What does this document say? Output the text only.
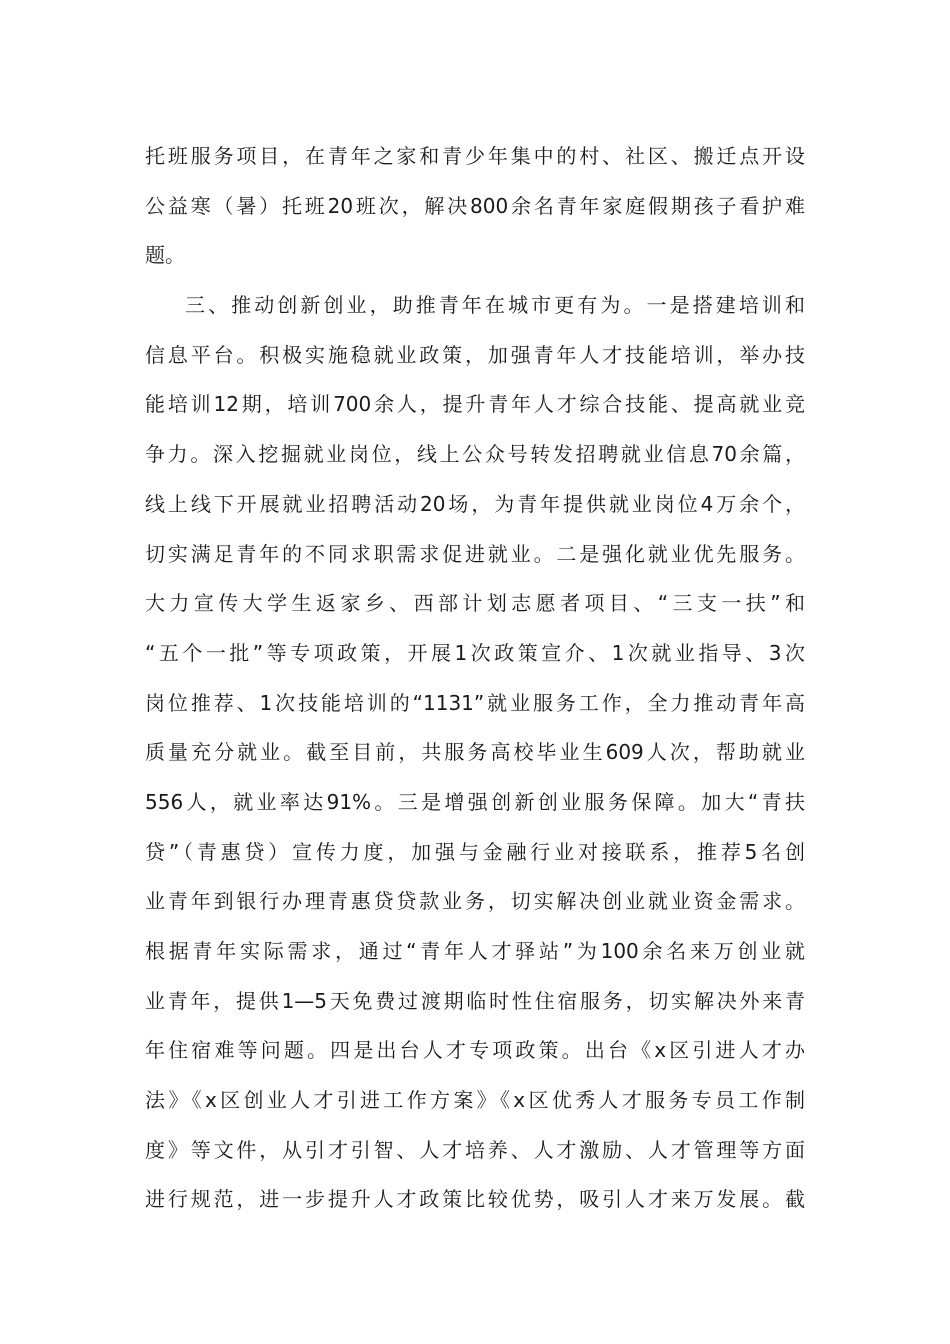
托班服务项目，在青年之家和青少年集中的村、社区、搬迁点开设
公益寒（暑）托班20班次，解决800余名青年家庭假期孩子看护难
题。
三、推动创新创业，助推青年在城市更有为。一是搭建培训和
信息平台。积极实施稳就业政策，加强青年人才技能培训，举办技
能培训12期，培训700余人，提升青年人才综合技能、提高就业竞
争力。深入挖掘就业岗位，线上公众号转发招聘就业信息70余篇，
线上线下开展就业招聘活动20场，为青年提供就业岗位4万余个，
切实满足青年的不同求职需求促进就业。二是强化就业优先服务。
大力宣传大学生返家乡、西部计划志愿者项目、“三支一扶”和
“五个一批”等专项政策，开展1次政策宣介、1次就业指导、3次
岗位推荐、1次技能培训的“1131”就业服务工作，全力推动青年高
质量充分就业。截至目前，共服务高校毕业生609人次，帮助就业
556人，就业率达91%。三是增强创新创业服务保障。加大“青扶
贷”（青惠贷）宣传力度，加强与金融行业对接联系，推荐5名创
业青年到银行办理青惠贷贷款业务，切实解决创业就业资金需求。
根据青年实际需求，通过“青年人才驿站”为100余名来万创业就
业青年，提供1—5天免费过渡期临时性住宿服务，切实解决外来青
年住宿难等问题。四是出台人才专项政策。出台《x区引进人才办
法》《x区创业人才引进工作方案》《x区优秀人才服务专员工作制
度》等文件，从引才引智、人才培养、人才激励、人才管理等方面
进行规范，进一步提升人才政策比较优势，吸引人才来万发展。截
